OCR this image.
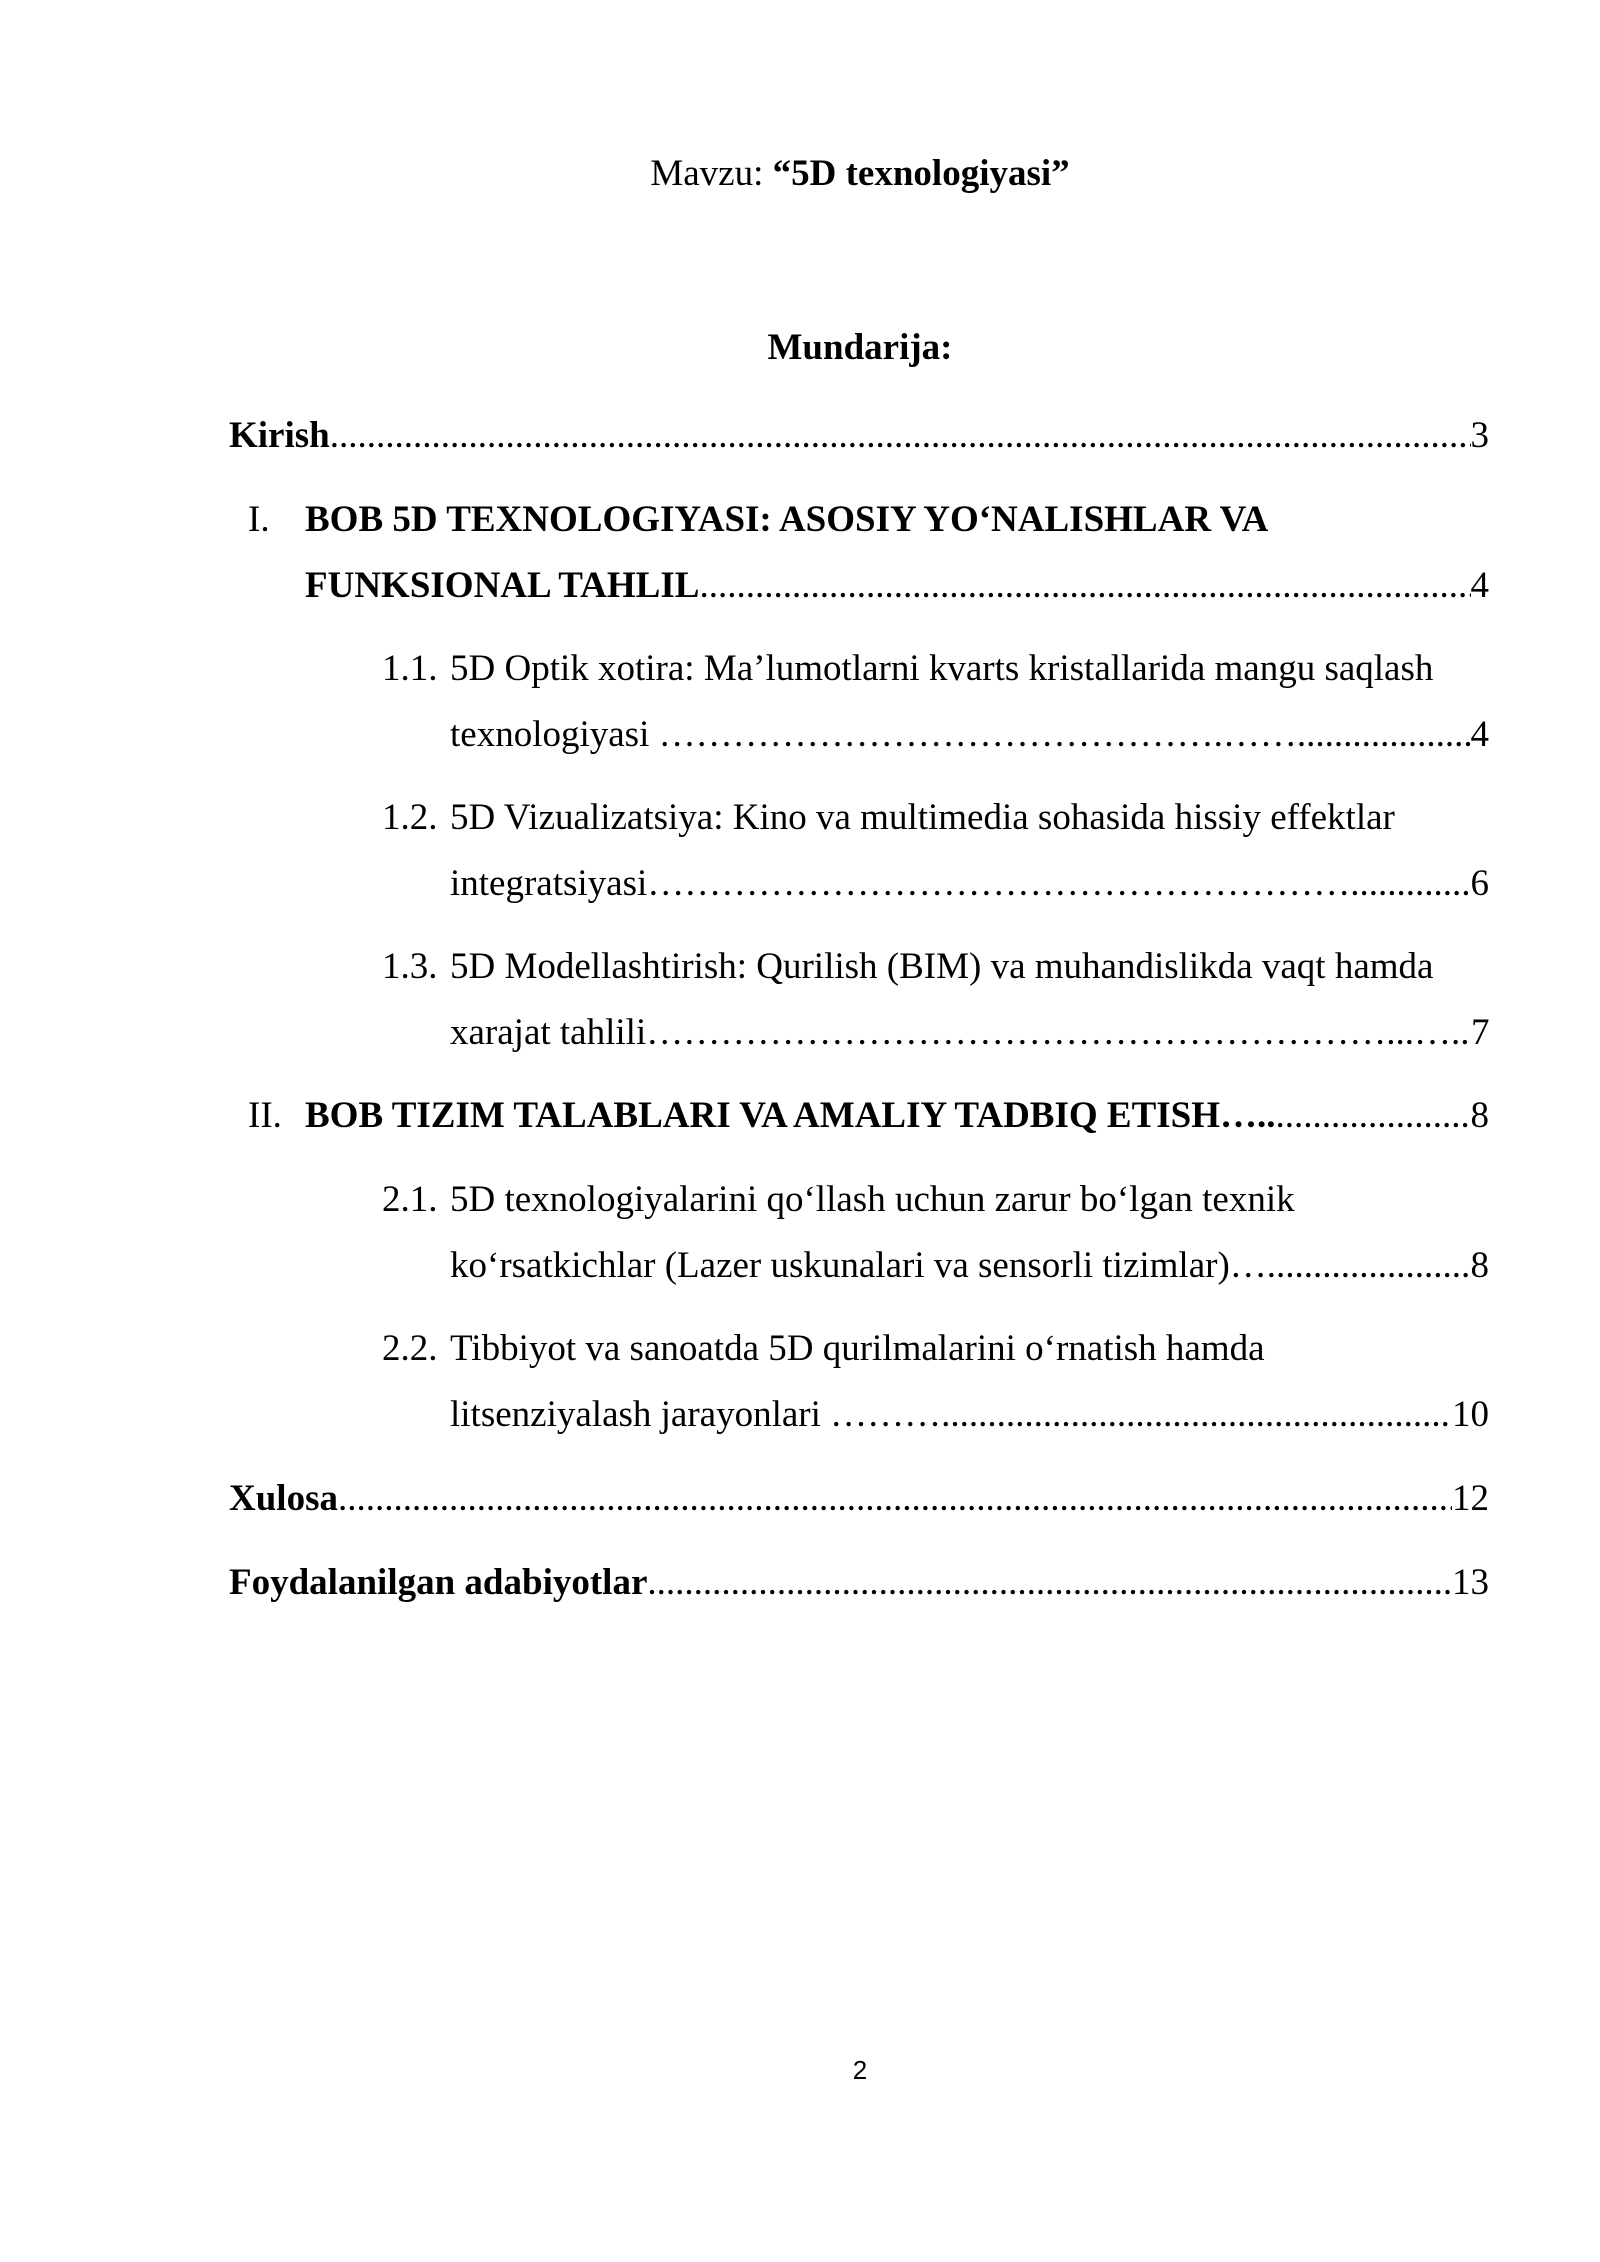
Mavzu: “5D texnologiyasi”
Mundarija:
Kirish .....	3
I. BOB 5D TEXNOLOGIYASI: ASOSIY YO‘NALISHLAR VA
FUNKSIONAL TAHLIL .....	4
1.1. 5D Optik xotira: Ma’lumotlarni kvarts kristallarida mangu saqlash
texnologiyasi ……………………………………….……......... ..... 4
1.2. 5D Vizualizatsiya: Kino va multimedia sohasida hissiy effektlar
integratsiyasi…………………………………………………...... ..... 6
1.3. 5D Modellashtirish: Qurilish (BIM) va muhandislikda vaqt hamda
xarajat tahlili……………………………………………………...… ..... 7
II. BOB TIZIM TALABLARI VA AMALIY TADBIQ ETISH….. .....	8
2.1. 5D texnologiyalarini qo‘llash uchun zarur bo‘lgan texnik
ko‘rsatkichlar (Lazer uskunalari va sensorli tizimlar)…................... ..... 8
2.2. Tibbiyot va sanoatda 5D qurilmalarini o‘rnatish hamda
litsenziyalash jarayonlari ……….................................................... ..... 10
Xulosa .....	12
Foydalanilgan adabiyotlar .....	13
2
